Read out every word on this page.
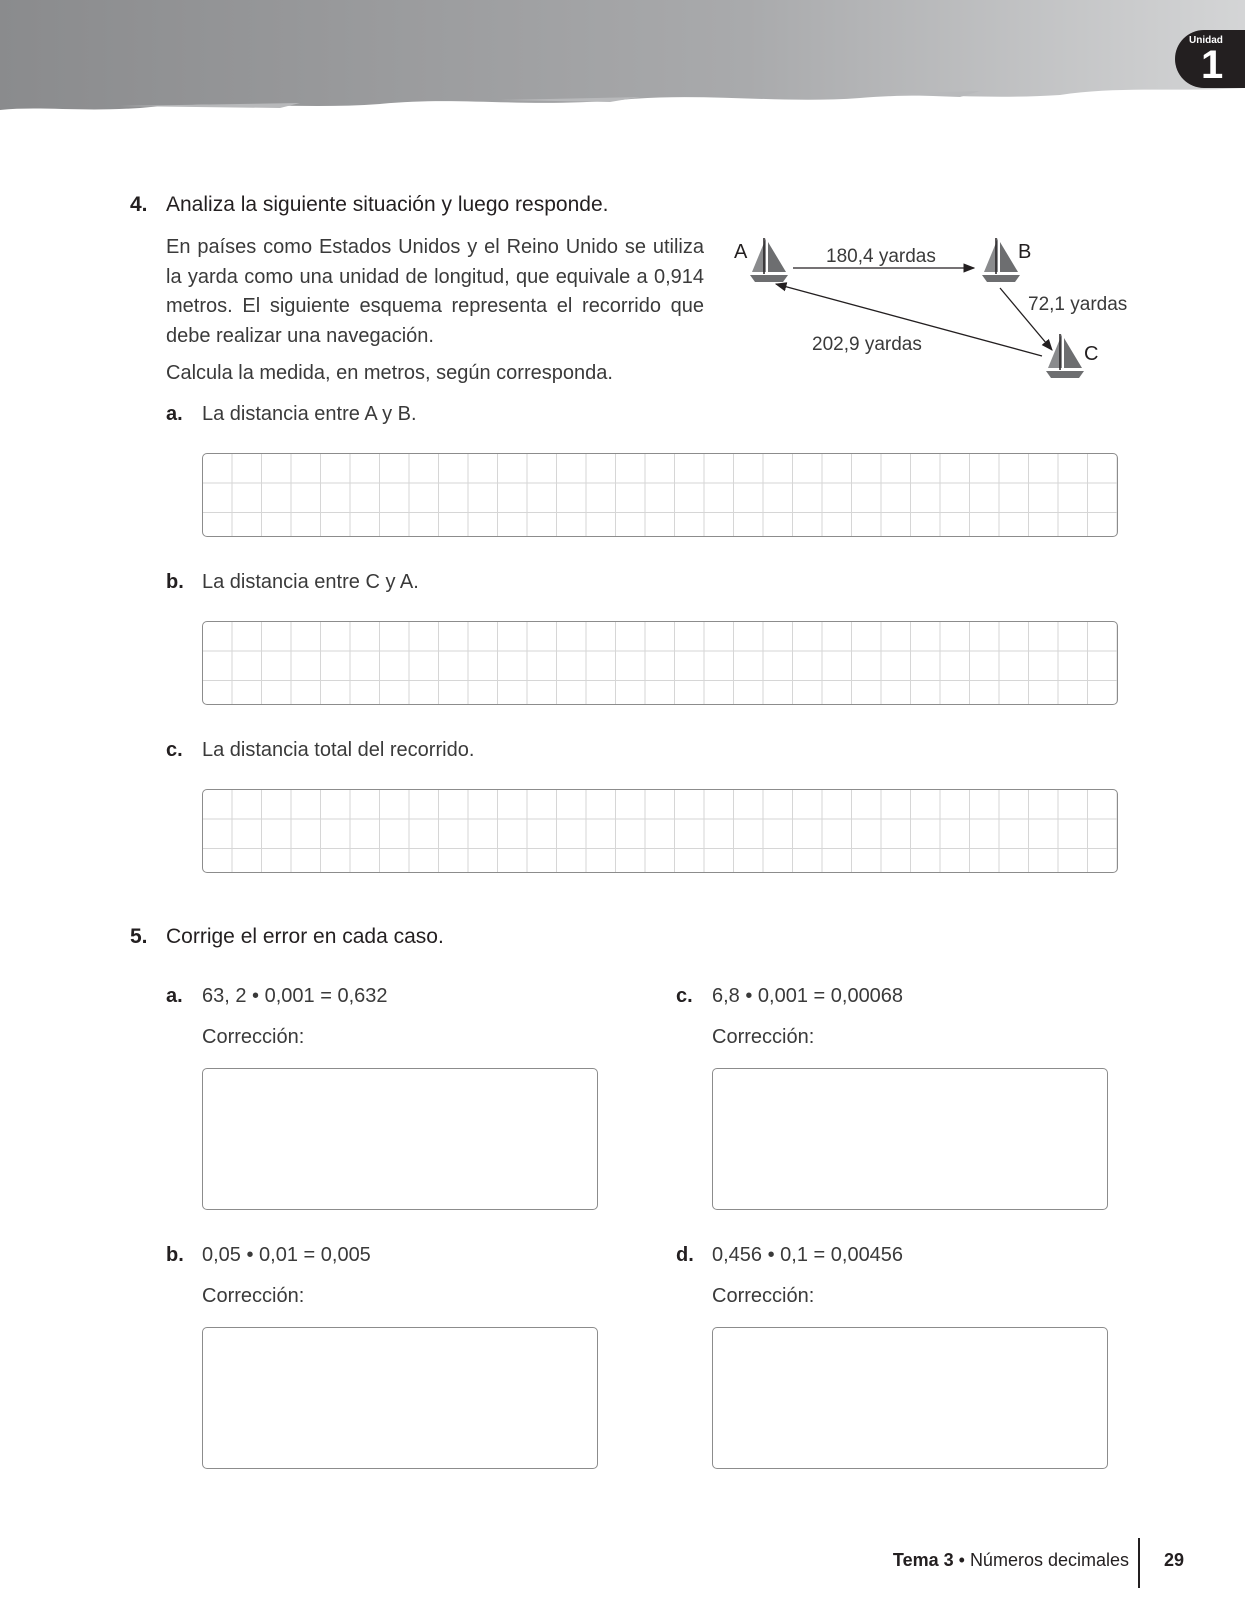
Unidad
1
4. Analiza la siguiente situación y luego responde.
En países como Estados Unidos y el Reino Unido se utiliza la yarda como una unidad de longitud, que equivale a 0,914 metros. El siguiente esquema representa el recorrido que debe realizar una navegación.
Calcula la medida, en metros, según corresponda.
A	B
C
180,4 yardas
72,1 yardas
202,9 yardas
a. La distancia entre A y B.
b. La distancia entre C y A.
c. La distancia total del recorrido.
5. Corrige el error en cada caso.
a. 63, 2 • 0,001 = 0,632
Corrección:
c. 6,8 • 0,001 = 0,00068
Corrección:
b. 0,05 • 0,01 = 0,005
Corrección:
d. 0,456 • 0,1 = 0,00456
Corrección:
Tema 3 • Números decimales 29
